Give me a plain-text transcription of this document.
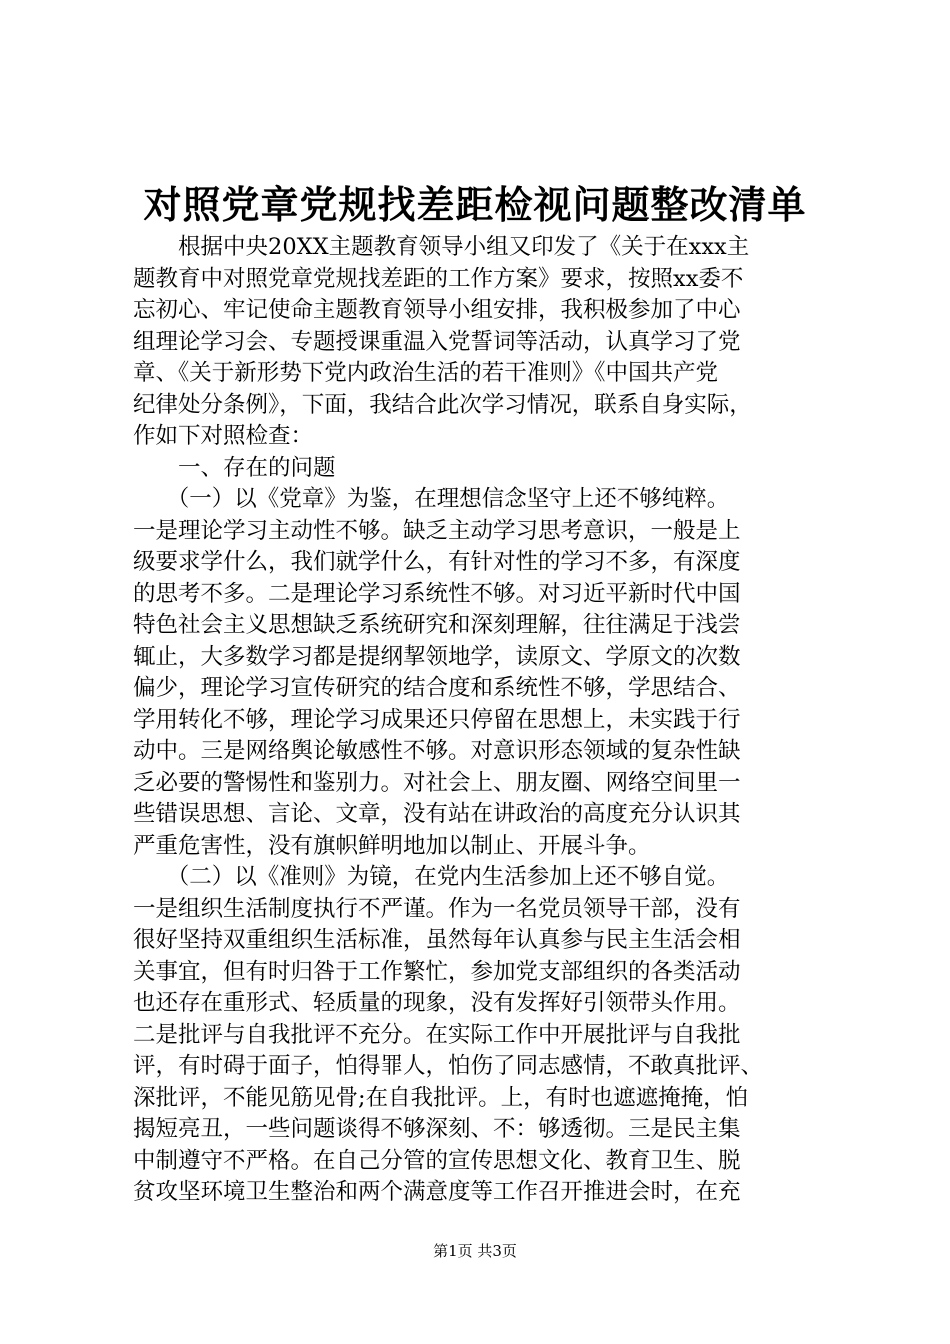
对照党章党规找差距检视问题整改清单
　　根据中央20XX主题教育领导小组又印发了《关于在xxx主
题教育中对照党章党规找差距的工作方案》要求，按照xx委不
忘初心、牢记使命主题教育领导小组安排，我积极参加了中心
组理论学习会、专题授课重温入党誓词等活动，认真学习了党
章、《关于新形势下党内政治生活的若干准则》《中国共产党
纪律处分条例》，下面，我结合此次学习情况，联系自身实际，
作如下对照检查：
　　一、存在的问题
　　（一）以《党章》为鉴，在理想信念坚守上还不够纯粹。
一是理论学习主动性不够。缺乏主动学习思考意识，一般是上
级要求学什么，我们就学什么，有针对性的学习不多，有深度
的思考不多。二是理论学习系统性不够。对习近平新时代中国
特色社会主义思想缺乏系统研究和深刻理解，往往满足于浅尝
辄止，大多数学习都是提纲挈领地学，读原文、学原文的次数
偏少，理论学习宣传研究的结合度和系统性不够，学思结合、
学用转化不够，理论学习成果还只停留在思想上，未实践于行
动中。三是网络舆论敏感性不够。对意识形态领域的复杂性缺
乏必要的警惕性和鉴别力。对社会上、朋友圈、网络空间里一
些错误思想、言论、文章，没有站在讲政治的高度充分认识其
严重危害性，没有旗帜鲜明地加以制止、开展斗争。
　　（二）以《准则》为镜，在党内生活参加上还不够自觉。
一是组织生活制度执行不严谨。作为一名党员领导干部，没有
很好坚持双重组织生活标准，虽然每年认真参与民主生活会相
关事宜，但有时归咎于工作繁忙，参加党支部组织的各类活动
也还存在重形式、轻质量的现象，没有发挥好引领带头作用。
二是批评与自我批评不充分。在实际工作中开展批评与自我批
评，有时碍于面子，怕得罪人，怕伤了同志感情，不敢真批评、
深批评，不能见筋见骨;在自我批评。上，有时也遮遮掩掩，怕
揭短亮丑，一些问题谈得不够深刻、不：够透彻。三是民主集
中制遵守不严格。在自己分管的宣传思想文化、教育卫生、脱
贫攻坚环境卫生整治和两个满意度等工作召开推进会时，在充
第1页 共3页
